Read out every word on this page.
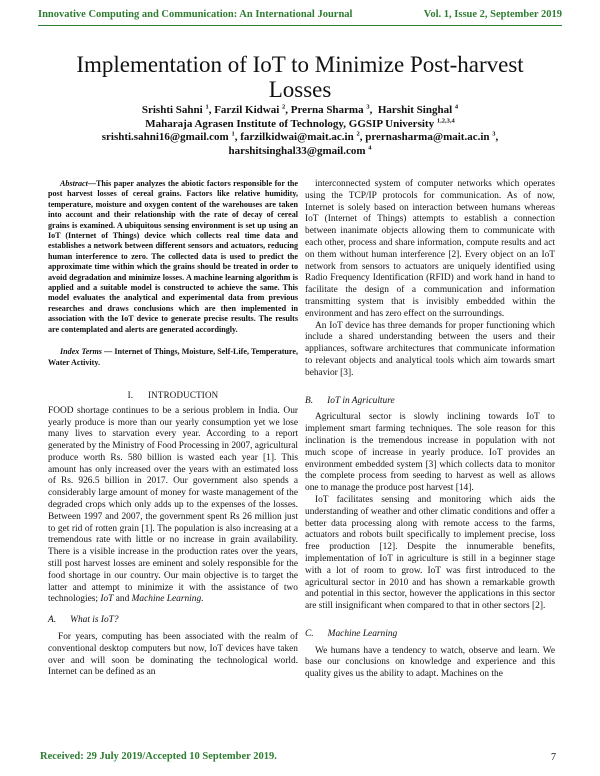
Innovative Computing and Communication: An International Journal	Vol. 1, Issue 2, September 2019
Implementation of IoT to Minimize Post-harvest
Losses
Srishti Sahni $^1$, Farzil Kidwai $^2$, Prerna Sharma $^3$,  Harshit Singhal $^4$
Maharaja Agrasen Institute of Technology, GGSIP University $^{1,2,3,4}$
srishti.sahni16@gmail.com $^1$, farzilkidwai@mait.ac.in $^2$, prernasharma@mait.ac.in $^3$,
harshitsinghal33@gmail.com $^4$

Abstract—This paper analyzes the abiotic factors responsible for the post harvest losses of cereal grains. Factors like relative humidity, temperature, moisture and oxygen content of the warehouses are taken into account and their relationship with the rate of decay of cereal grains is examined. A ubiquitous sensing environment is set up using an IoT (Internet of Things) device which collects real time data and establishes a network between different sensors and actuators, reducing human interference to zero. The collected data is used to predict the approximate time within which the grains should be treated in order to avoid degradation and minimize losses. A machine learning algorithm is applied and a suitable model is constructed to achieve the same. This model evaluates the analytical and experimental data from previous researches and draws conclusions which are then implemented in association with the IoT device to generate precise results. The results are contemplated and alerts are generated accordingly.

Index Terms — Internet of Things, Moisture, Self-Life, Temperature, Water Activity.

I. INTRODUCTION

FOOD shortage continues to be a serious problem in India. Our yearly produce is more than our yearly consumption yet we lose many lives to starvation every year. According to a report generated by the Ministry of Food Processing in 2007, agricultural produce worth Rs. 580 billion is wasted each year [1]. This amount has only increased over the years with an estimated loss of Rs. 926.5 billion in 2017. Our government also spends a considerably large amount of money for waste management of the degraded crops which only adds up to the expenses of the losses. Between 1997 and 2007, the government spent Rs 26 million just to get rid of rotten grain [1]. The population is also increasing at a tremendous rate with little or no increase in grain availability. There is a visible increase in the production rates over the years, still post harvest losses are eminent and solely responsible for the food shortage in our country. Our main objective is to target the latter and attempt to minimize it with the assistance of two technologies; IoT and Machine Learning.

A. What is IoT?

For years, computing has been associated with the realm of conventional desktop computers but now, IoT devices have taken over and will soon be dominating the technological world. Internet can be defined as an

interconnected system of computer networks which operates using the TCP/IP protocols for communication. As of now, Internet is solely based on interaction between humans whereas IoT (Internet of Things) attempts to establish a connection between inanimate objects allowing them to communicate with each other, process and share information, compute results and act on them without human interference [2]. Every object on an IoT network from sensors to actuators are uniquely identified using Radio Frequency Identification (RFID) and work hand in hand to facilitate the design of a communication and information transmitting system that is invisibly embedded within the environment and has zero effect on the surroundings.

An IoT device has three demands for proper functioning which include a shared understanding between the users and their appliances, software architectures that communicate information to relevant objects and analytical tools which aim towards smart behavior [3].

B. IoT in Agriculture

Agricultural sector is slowly inclining towards IoT to implement smart farming techniques. The sole reason for this inclination is the tremendous increase in population with not much scope of increase in yearly produce. IoT provides an environment embedded system [3] which collects data to monitor the complete process from seeding to harvest as well as allows one to manage the produce post harvest [14].

IoT facilitates sensing and monitoring which aids the understanding of weather and other climatic conditions and offer a better data processing along with remote access to the farms, actuators and robots built specifically to implement precise, loss free production [12]. Despite the innumerable benefits, implementation of IoT in agriculture is still in a beginner stage with a lot of room to grow. IoT was first introduced to the agricultural sector in 2010 and has shown a remarkable growth and potential in this sector, however the applications in this sector are still insignificant when compared to that in other sectors [2].

C. Machine Learning

We humans have a tendency to watch, observe and learn. We base our conclusions on knowledge and experience and this quality gives us the ability to adapt. Machines on the

Received: 29 July 2019/Accepted 10 September 2019.	7
